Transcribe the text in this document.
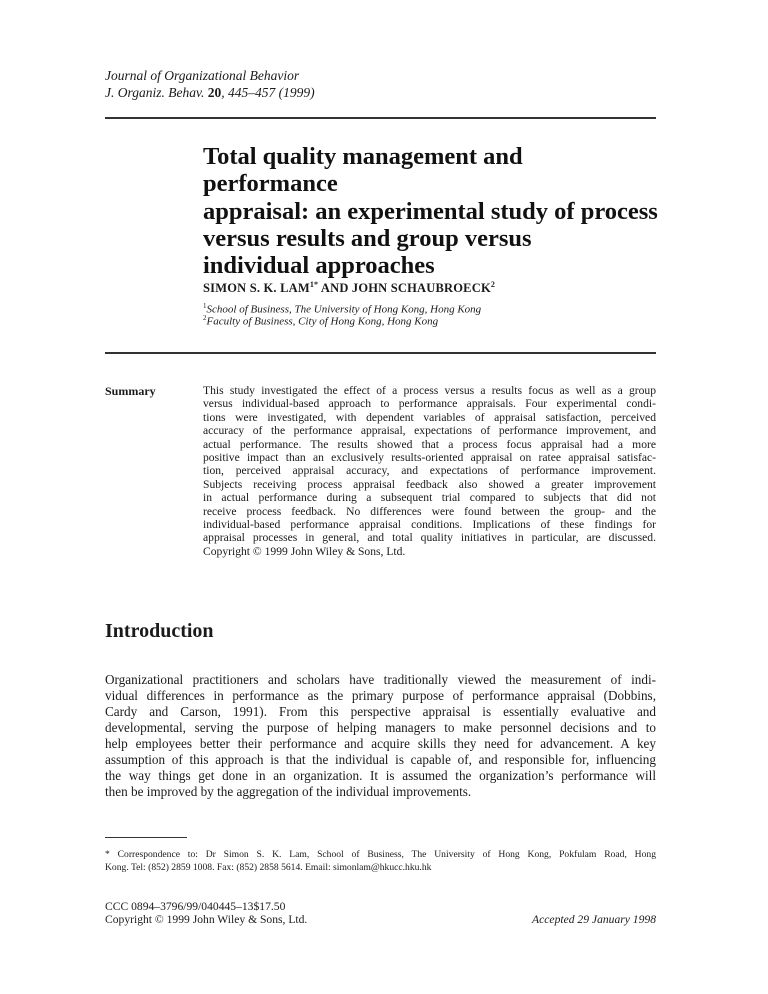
Journal of Organizational Behavior
J. Organiz. Behav. 20, 445–457 (1999)
Total quality management and performance
appraisal: an experimental study of process
versus results and group versus
individual approaches
SIMON S. K. $LAM^{1*}$ AND JOHN SCHAUBROECK$^2$
$^1$School of Business, The University of Hong Kong, Hong Kong
$^2$Faculty of Business, City of Hong Kong, Hong Kong
Summary	This study investigated the effect of a process versus a results focus as well as a group
versus individual-based approach to performance appraisals. Four experimental condi-
tions were investigated, with dependent variables of appraisal satisfaction, perceived
accuracy of the performance appraisal, expectations of performance improvement, and
actual performance. The results showed that a process focus appraisal had a more
positive impact than an exclusively results-oriented appraisal on ratee appraisal satisfac-
tion, perceived appraisal accuracy, and expectations of performance improvement.
Subjects receiving process appraisal feedback also showed a greater improvement
in actual performance during a subsequent trial compared to subjects that did not
receive process feedback. No differences were found between the group- and the
individual-based performance appraisal conditions. Implications of these findings for
appraisal processes in general, and total quality initiatives in particular, are discussed.
Copyright © 1999 John Wiley & Sons, Ltd.
Introduction
Organizational practitioners and scholars have traditionally viewed the measurement of indi-
vidual differences in performance as the primary purpose of performance appraisal (Dobbins,
Cardy and Carson, 1991). From this perspective appraisal is essentially evaluative and
developmental, serving the purpose of helping managers to make personnel decisions and to
help employees better their performance and acquire skills they need for advancement. A key
assumption of this approach is that the individual is capable of, and responsible for, influencing
the way things get done in an organization. It is assumed the organization’s performance will
then be improved by the aggregation of the individual improvements.
* Correspondence to: Dr Simon S. K. Lam, School of Business, The University of Hong Kong, Pokfulam Road, Hong
Kong. Tel: (852) 2859 1008. Fax: (852) 2858 5614. Email: simonlam@hkucc.hku.hk
CCC 0894–3796/99/040445–13$17.50
Copyright © 1999 John Wiley & Sons, Ltd.	Accepted 29 January 1998
